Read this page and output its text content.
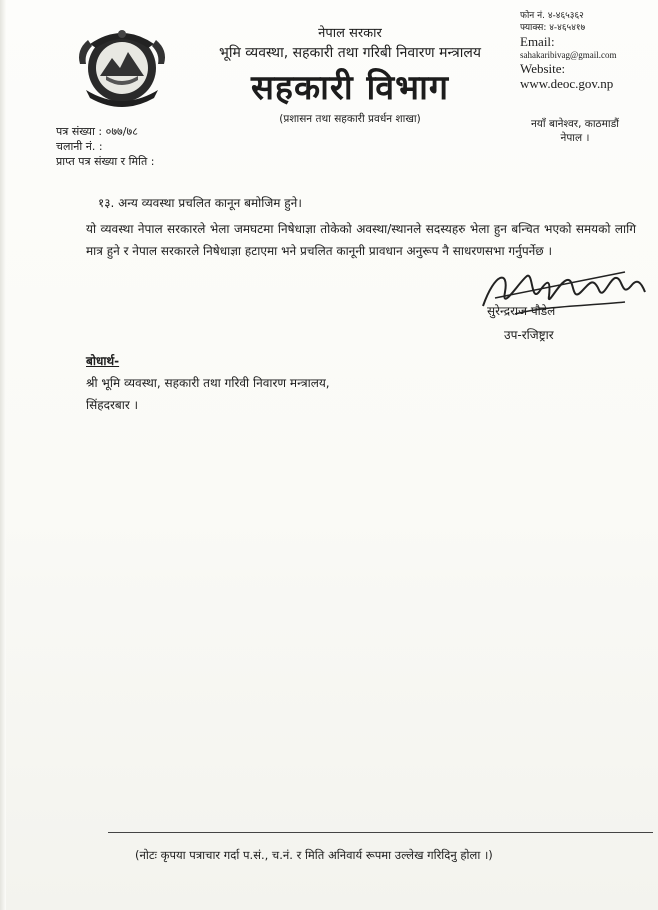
नेपाल सरकार
भूमि व्यवस्था, सहकारी तथा गरिबी निवारण मन्त्रालय
सहकारी विभाग
(प्रशासन तथा सहकारी प्रवर्धन शाखा)
फोन नं. ४-४६५३६२
फ्याक्स: ४-४६५४१७
Email:
sahakaribivag@gmail.com
Website:
www.deoc.gov.np
नयाँ बानेश्वर, काठमाडौं
नेपाल ।
पत्र संख्या : ०७७/७८
चलानी नं. :
प्राप्त पत्र संख्या र मिति :

१३. अन्य व्यवस्था प्रचलित कानून बमोजिम हुने।

यो व्यवस्था नेपाल सरकारले भेला जमघटमा निषेधाज्ञा तोकेको अवस्था/स्थानले सदस्यहरु भेला हुन बन्चित भएको समयको लागि मात्र हुने र नेपाल सरकारले निषेधाज्ञा हटाएमा भने प्रचलित कानूनी प्रावधान अनुरूप नै साधरणसभा गर्नुपर्नेछ ।

सुरेन्द्रराज पौडेल
उप-रजिष्ट्रार
बोधार्थ-
श्री भूमि व्यवस्था, सहकारी तथा गरिवी निवारण मन्त्रालय,
सिंहदरबार ।
(नोटः कृपया पत्राचार गर्दा प.सं., च.नं. र मिति अनिवार्य रूपमा उल्लेख गरिदिनु होला ।)
